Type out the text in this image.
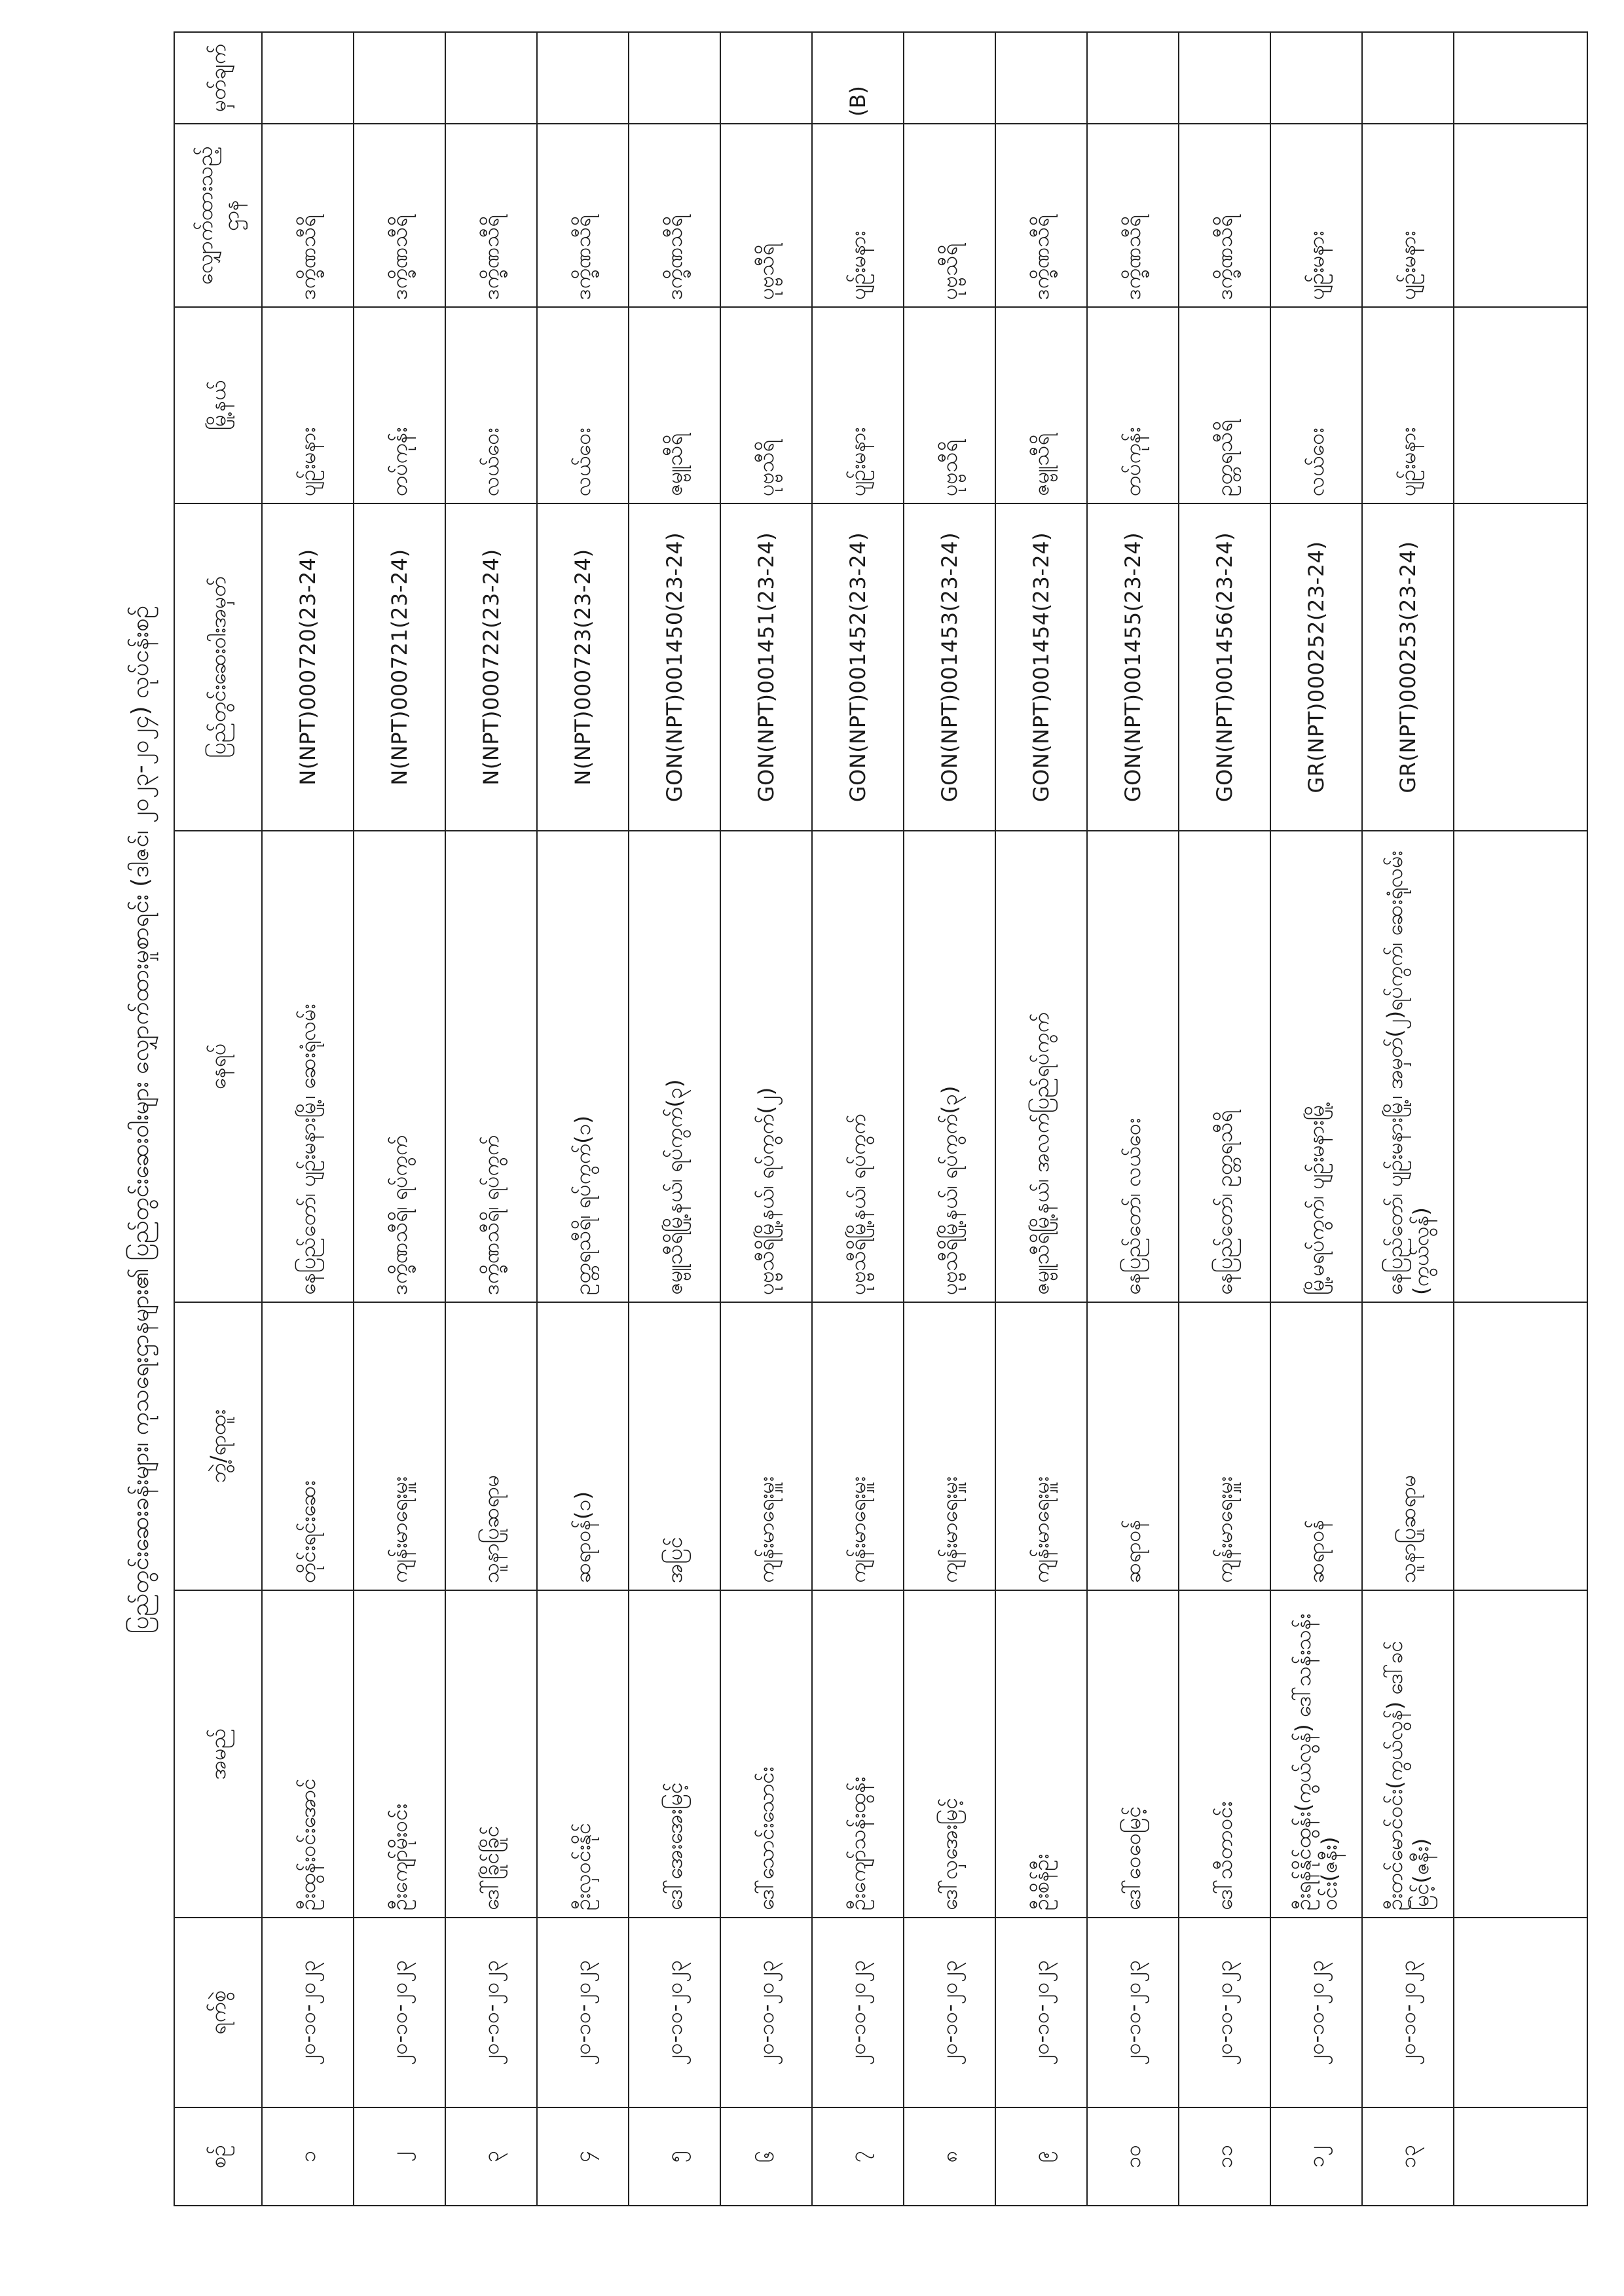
ပြည်တွင်းဆေးခန်းများ၊ ကုသရေးဌာနများ၏ ပြည်တွင်းဆေးဝါးများ လျှောက်ထားမှုစာရင်း (ဒါဇင်၊ ၂၀၂၃-၂၀၂၄) လုပ်ငန်းစဉ်
စဉ်	ရက်စွဲ	အမည်	ဘွဲ့/ရာထူး	နေရပ်	ပြည်တွင်းဆေးဝါးအမှတ်	မြို့နယ်	လျှောက်ထားသည့် ဌာန	မှတ်ချက်
၁	၂၀-၁၀-၂၀၂၃	ဦးထွန်းဝင်းအောင်	တိုင်းရင်းဆေး	နေပြည်တော်၊ ပျဉ်းမနားမြို့၊ ဆေးရုံလမ်း	N(NPT)000720(23-24)	ပျဉ်းမနား	ဒက္ခိဏသီရိ	
၂	၂၀-၁၀-၂၀၂၃	ဦးကျော်မိုးဝင်း	ကျန်းမာရေးမှူး	ဒက္ခိဏသီရိ၊ ရပ်ကွက်	N(NPT)000721(23-24)	တပ်ကုန်း	ဒက္ခိဏသီရိ	
၃	၂၀-၁၀-၂၀၂၃	ဒေါ်ခြိုင်ခြိုင်	သူနာပြုဆရာမ	ဒက္ခိဏသီရိ၊ ရပ်ကွက်	N(NPT)000722(23-24)	လယ်ဝေး	ဒက္ခိဏသီရိ	
၄	၂၀-၁၀-၂၀၂၃	ဦးလှဝင်းနိုင်	ဆရာဝန်(၁)	ဥတ္တရသီရိ၊ ရပ်ကွက်(၁)	N(NPT)000723(23-24)	လယ်ဝေး	ဒက္ခိဏသီရိ	
၅	၂၀-၁၀-၂၀၂၃	ဒေါ်အေးအေးမြင့်	အပြင်	ဇမ္ဗူသီရိမြို့နယ်၊ ရပ်ကွက်(၃)	GON(NPT)001450(23-24)	ဇမ္ဗူသီရိ	ဒက္ခိဏသီရိ	
၆	၂၀-၁၀-၂၀၂၃	ဒေါ်သောင်းသောင်း	ကျန်းမာရေးမှူး	ပုဗ္ဗသီရိမြို့နယ်၊ ရပ်ကွက်(၂)	GON(NPT)001451(23-24)	ပုဗ္ဗသီရိ	ပုဗ္ဗသီရိ	
၇	၂၀-၁၀-၂၀၂၃	ဦးကျော်သန်းထွန်း	ကျန်းမာရေးမှူး	ပုဗ္ဗသီရိမြို့နယ်၊ ရပ်ကွက်	GON(NPT)001452(23-24)	ပျဉ်းမနား	ပျဉ်းမနား	(B)
၈	၂၀-၁၀-၂၀၂၃	ဒေါ်လှအေးမြင့်	ကျန်းမာရေးမှူး	ပုဗ္ဗသီရိမြို့နယ်၊ ရပ်ကွက်(၃)	GON(NPT)001453(23-24)	ပုဗ္ဗသီရိ	ပုဗ္ဗသီရိ	
၉	၂၀-၁၀-၂၀၂၃	ဦးစိန်ဦး	ကျန်းမာရေးမှူး	ဇမ္ဗူသီရိမြို့နယ်၊ အလက်ပြည်ရပ်ကွက်	GON(NPT)001454(23-24)	ဇမ္ဗူသီရိ	ဒက္ခိဏသီရိ	
၁၀	၂၀-၁၀-၂၀၂၃	ဒေါ်ဝေဝေမြင့်	ဆရာဝန်	နေပြည်တော်၊ လယ်ဝေး	GON(NPT)001455(23-24)	တပ်ကုန်း	ဒက္ခိဏသီရိ	
၁၁	၂၀-၁၀-၂၀၂၃	ဒေါ်သီတာဝင်း	ကျန်းမာရေးမှူး	နေပြည်တော်၊ ဥတ္တရသီရိ	GON(NPT)001456(23-24)	ဥတ္တရသီရိ	ဒက္ခိဏသီရိ	
၁၂	၂၀-၁၀-၂၀၂၃	ဦးရန်နိုင်ထွန်း(ကွယ်လွန်) ဒေါ်သန်းသန်းဝင်း(ဇနီး)	ဆရာဝန်	မြို့မရပ်ကွက်၊ ပျဉ်းမနားမြို့	GR(NPT)000252(23-24)	လယ်ဝေး	ပျဉ်းမနား	
၁၃	၂၀-၁၀-၂၀၂၃	ဦးတင်မောင်ဝင်း(ကွယ်လွန်) ဒေါ်ခင်မြင့်(ဇနီး)	သူနာပြုဆရာမ	နေပြည်တော်၊ ပျဉ်းမနားမြို့၊ အမှတ်(၂)ရပ်ကွက်၊ ဆေးရုံလမ်း (ကွယ်လွန်)	GR(NPT)000253(23-24)	ပျဉ်းမနား	ပျဉ်းမနား	
